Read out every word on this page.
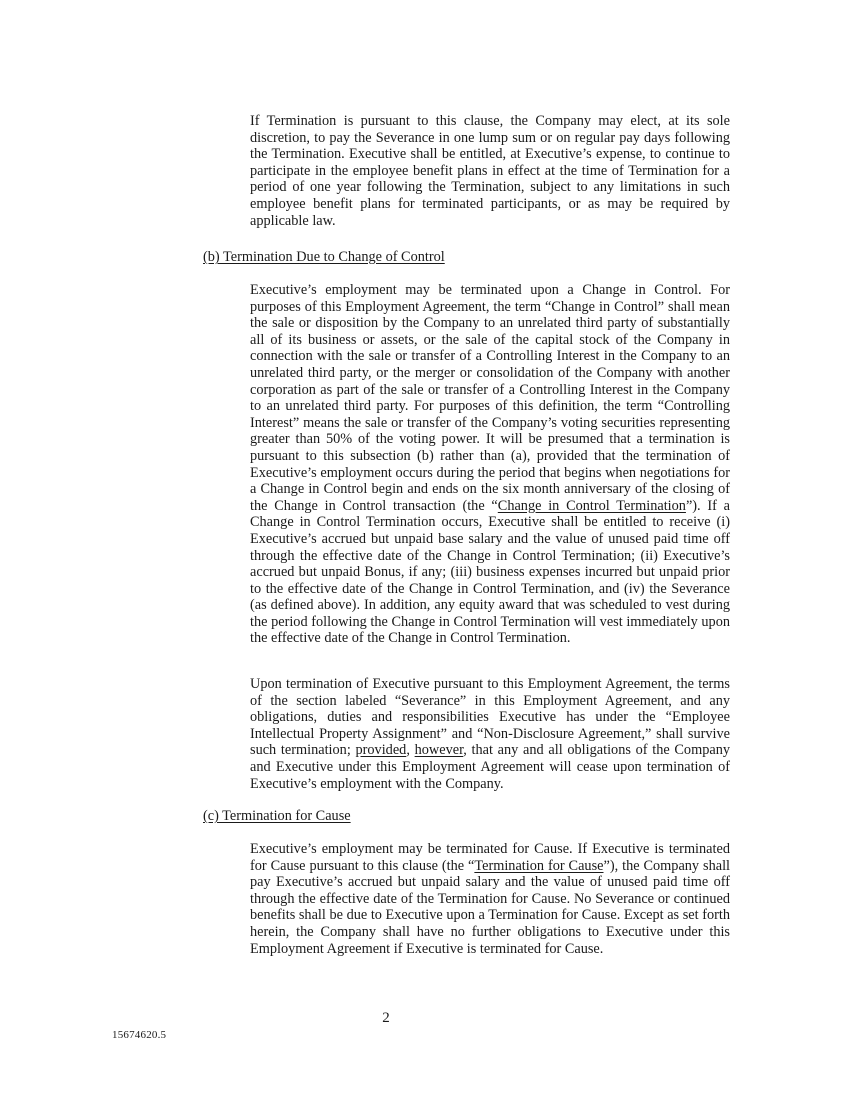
If Termination is pursuant to this clause, the Company may elect, at its sole discretion, to pay the Severance in one lump sum or on regular pay days following the Termination. Executive shall be entitled, at Executive’s expense, to continue to participate in the employee benefit plans in effect at the time of Termination for a period of one year following the Termination, subject to any limitations in such employee benefit plans for terminated participants, or as may be required by applicable law.

(b) Termination Due to Change of Control

Executive’s employment may be terminated upon a Change in Control. For purposes of this Employment Agreement, the term “Change in Control” shall mean the sale or disposition by the Company to an unrelated third party of substantially all of its business or assets, or the sale of the capital stock of the Company in connection with the sale or transfer of a Controlling Interest in the Company to an unrelated third party, or the merger or consolidation of the Company with another corporation as part of the sale or transfer of a Controlling Interest in the Company to an unrelated third party. For purposes of this definition, the term “Controlling Interest” means the sale or transfer of the Company’s voting securities representing greater than 50% of the voting power. It will be presumed that a termination is pursuant to this subsection (b) rather than (a), provided that the termination of Executive’s employment occurs during the period that begins when negotiations for a Change in Control begin and ends on the six month anniversary of the closing of the Change in Control transaction (the “Change in Control Termination”). If a Change in Control Termination occurs, Executive shall be entitled to receive (i) Executive’s accrued but unpaid base salary and the value of unused paid time off through the effective date of the Change in Control Termination; (ii) Executive’s accrued but unpaid Bonus, if any; (iii) business expenses incurred but unpaid prior to the effective date of the Change in Control Termination, and (iv) the Severance (as defined above). In addition, any equity award that was scheduled to vest during the period following the Change in Control Termination will vest immediately upon the effective date of the Change in Control Termination.

Upon termination of Executive pursuant to this Employment Agreement, the terms of the section labeled “Severance” in this Employment Agreement, and any obligations, duties and responsibilities Executive has under the “Employee Intellectual Property Assignment” and “Non-Disclosure Agreement,” shall survive such termination; provided, however, that any and all obligations of the Company and Executive under this Employment Agreement will cease upon termination of Executive’s employment with the Company.

(c) Termination for Cause

Executive’s employment may be terminated for Cause. If Executive is terminated for Cause pursuant to this clause (the “Termination for Cause”), the Company shall pay Executive’s accrued but unpaid salary and the value of unused paid time off through the effective date of the Termination for Cause. No Severance or continued benefits shall be due to Executive upon a Termination for Cause. Except as set forth herein, the Company shall have no further obligations to Executive under this Employment Agreement if Executive is terminated for Cause.

2
15674620.5
